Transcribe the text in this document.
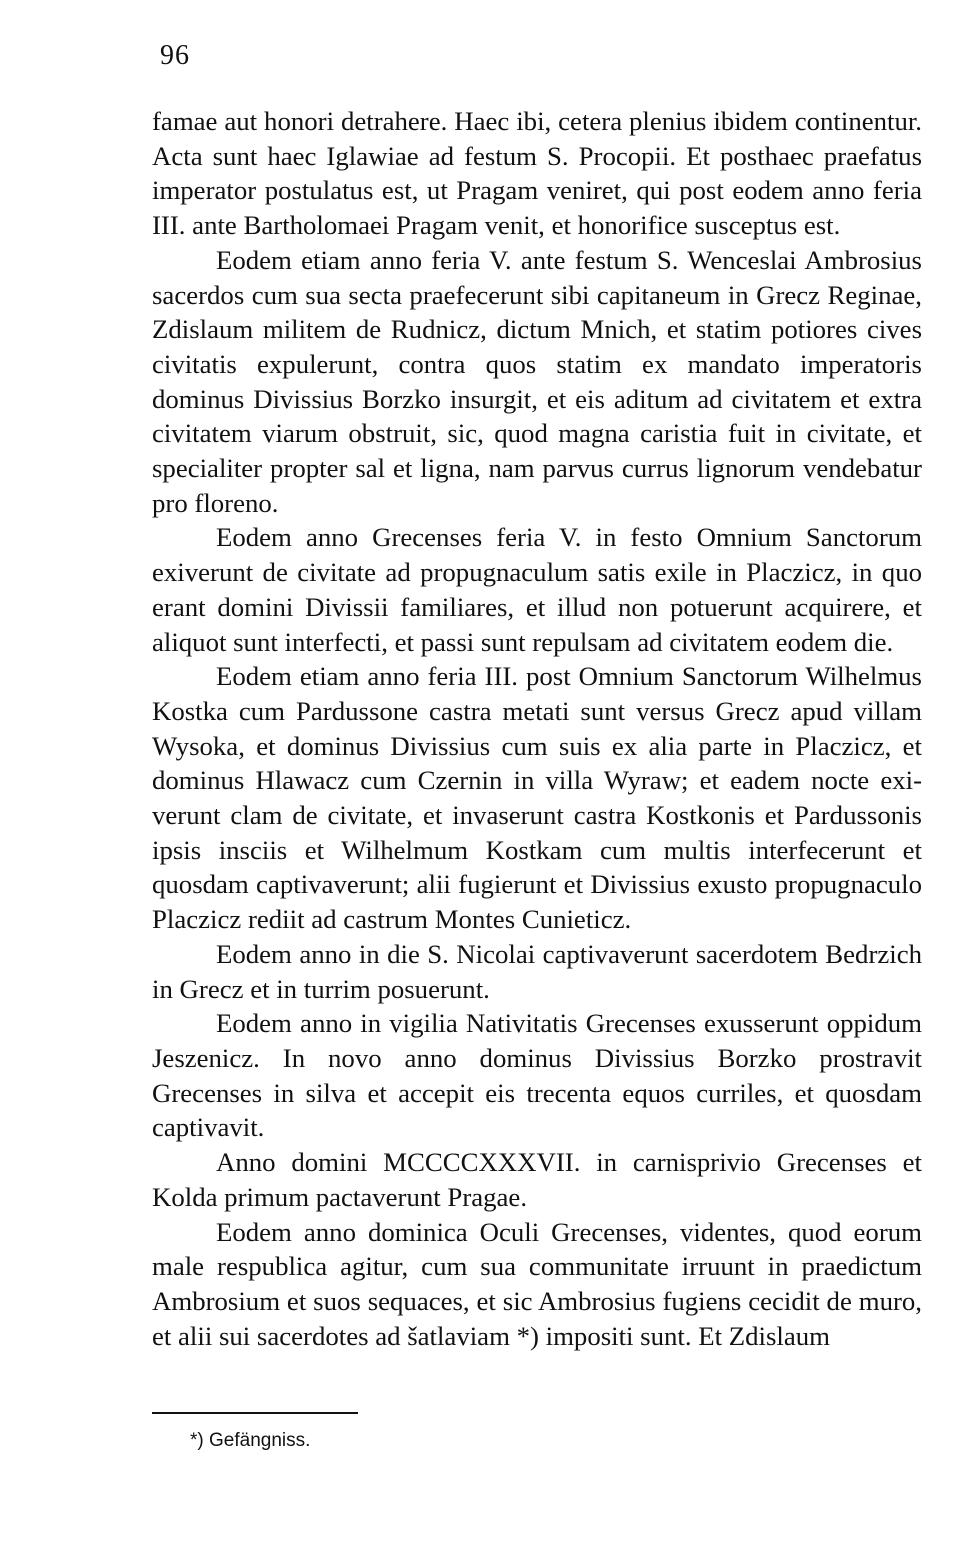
96

famae aut honori detrahere. Haec ibi, cetera plenius ibidem continentur. Acta sunt haec Iglawiae ad festum S. Procopii. Et posthaec praefatus imperator postulatus est, ut Pragam veniret, qui post eodem anno feria III. ante Bartholomaei Pragam venit, et honorifice susceptus est.

Eodem etiam anno feria V. ante festum S. Wenceslai Ambrosius sacerdos cum sua secta praefecerunt sibi capitaneum in Grecz Reginae, Zdislaum militem de Rudnicz, dictum Mnich, et statim potiores cives civitatis expulerunt, contra quos statim ex mandato imperatoris dominus Divissius Borzko insurgit, et eis aditum ad civitatem et extra civitatem viarum obstruit, sic, quod magna caristia fuit in civitate, et specialiter propter sal et ligna, nam parvus currus lignorum vendebatur pro floreno.

Eodem anno Grecenses feria V. in festo Omnium Sanctorum exiverunt de civitate ad propugnaculum satis exile in Placzicz, in quo erant domini Divissii familiares, et illud non potuerunt acquirere, et aliquot sunt interfecti, et passi sunt repulsam ad civitatem eodem die.

Eodem etiam anno feria III. post Omnium Sanctorum Wilhelmus Kostka cum Pardussone castra metati sunt versus Grecz apud villam Wysoka, et dominus Divissius cum suis ex alia parte in Placzicz, et dominus Hlawacz cum Czernin in villa Wyraw; et eadem nocte exiverunt clam de civitate, et invaserunt castra Kostkonis et Pardussonis ipsis insciis et Wilhelmum Kostkam cum multis interfecerunt et quosdam captivaverunt; alii fugierunt et Divissius exusto propugnaculo Placzicz rediit ad castrum Montes Cunieticz.

Eodem anno in die S. Nicolai captivaverunt sacerdotem Bedrzich in Grecz et in turrim posuerunt.

Eodem anno in vigilia Nativitatis Grecenses exusserunt oppidum Jeszenicz. In novo anno dominus Divissius Borzko prostravit Grecenses in silva et accepit eis trecenta equos curriles, et quosdam captivavit.

Anno domini MCCCCXXXVII. in carnisprivio Grecenses et Kolda primum pactaverunt Pragae.

Eodem anno dominica Oculi Grecenses, videntes, quod eorum male respublica agitur, cum sua communitate irruunt in praedictum Ambrosium et suos sequaces, et sic Ambrosius fugiens cecidit de muro, et alii sui sacerdotes ad šatlaviam *) impositi sunt. Et Zdislaum

*) Gefängniss.
